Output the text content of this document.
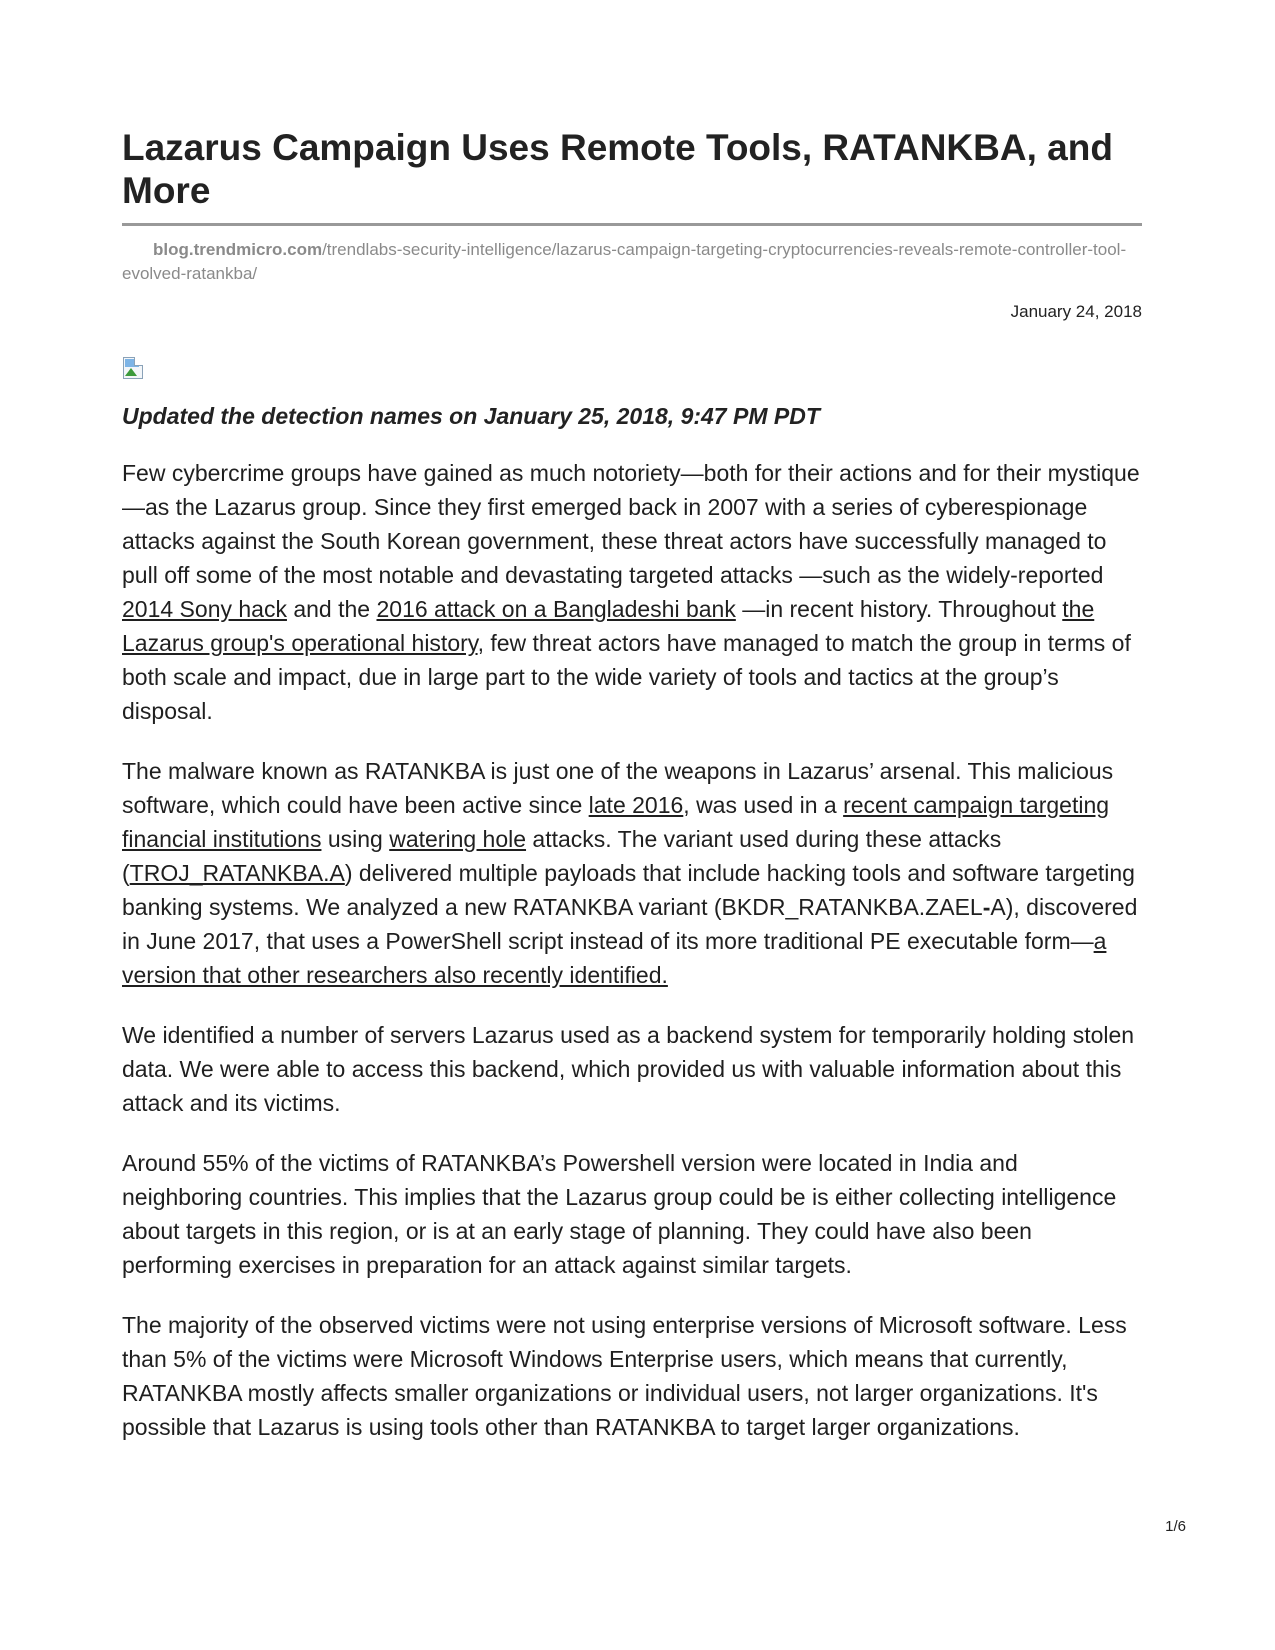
Lazarus Campaign Uses Remote Tools, RATANKBA, and More
blog.trendmicro.com/trendlabs-security-intelligence/lazarus-campaign-targeting-cryptocurrencies-reveals-remote-controller-tool-evolved-ratankba/
January 24, 2018
Updated the detection names on January 25, 2018, 9:47 PM PDT

Few cybercrime groups have gained as much notoriety—both for their actions and for their mystique—as the Lazarus group. Since they first emerged back in 2007 with a series of cyberespionage attacks against the South Korean government, these threat actors have successfully managed to pull off some of the most notable and devastating targeted attacks —such as the widely-reported 2014 Sony hack and the 2016 attack on a Bangladeshi bank —in recent history. Throughout the Lazarus group's operational history, few threat actors have managed to match the group in terms of both scale and impact, due in large part to the wide variety of tools and tactics at the group’s disposal.

The malware known as RATANKBA is just one of the weapons in Lazarus’ arsenal. This malicious software, which could have been active since late 2016, was used in a recent campaign targeting financial institutions using watering hole attacks. The variant used during these attacks (TROJ_RATANKBA.A) delivered multiple payloads that include hacking tools and software targeting banking systems. We analyzed a new RATANKBA variant (BKDR_RATANKBA.ZAEL-A), discovered in June 2017, that uses a PowerShell script instead of its more traditional PE executable form—a version that other researchers also recently identified.

We identified a number of servers Lazarus used as a backend system for temporarily holding stolen data. We were able to access this backend, which provided us with valuable information about this attack and its victims.

Around 55% of the victims of RATANKBA’s Powershell version were located in India and neighboring countries. This implies that the Lazarus group could be is either collecting intelligence about targets in this region, or is at an early stage of planning. They could have also been performing exercises in preparation for an attack against similar targets.

The majority of the observed victims were not using enterprise versions of Microsoft software. Less than 5% of the victims were Microsoft Windows Enterprise users, which means that currently, RATANKBA mostly affects smaller organizations or individual users, not larger organizations. It's possible that Lazarus is using tools other than RATANKBA to target larger organizations.

1/6
